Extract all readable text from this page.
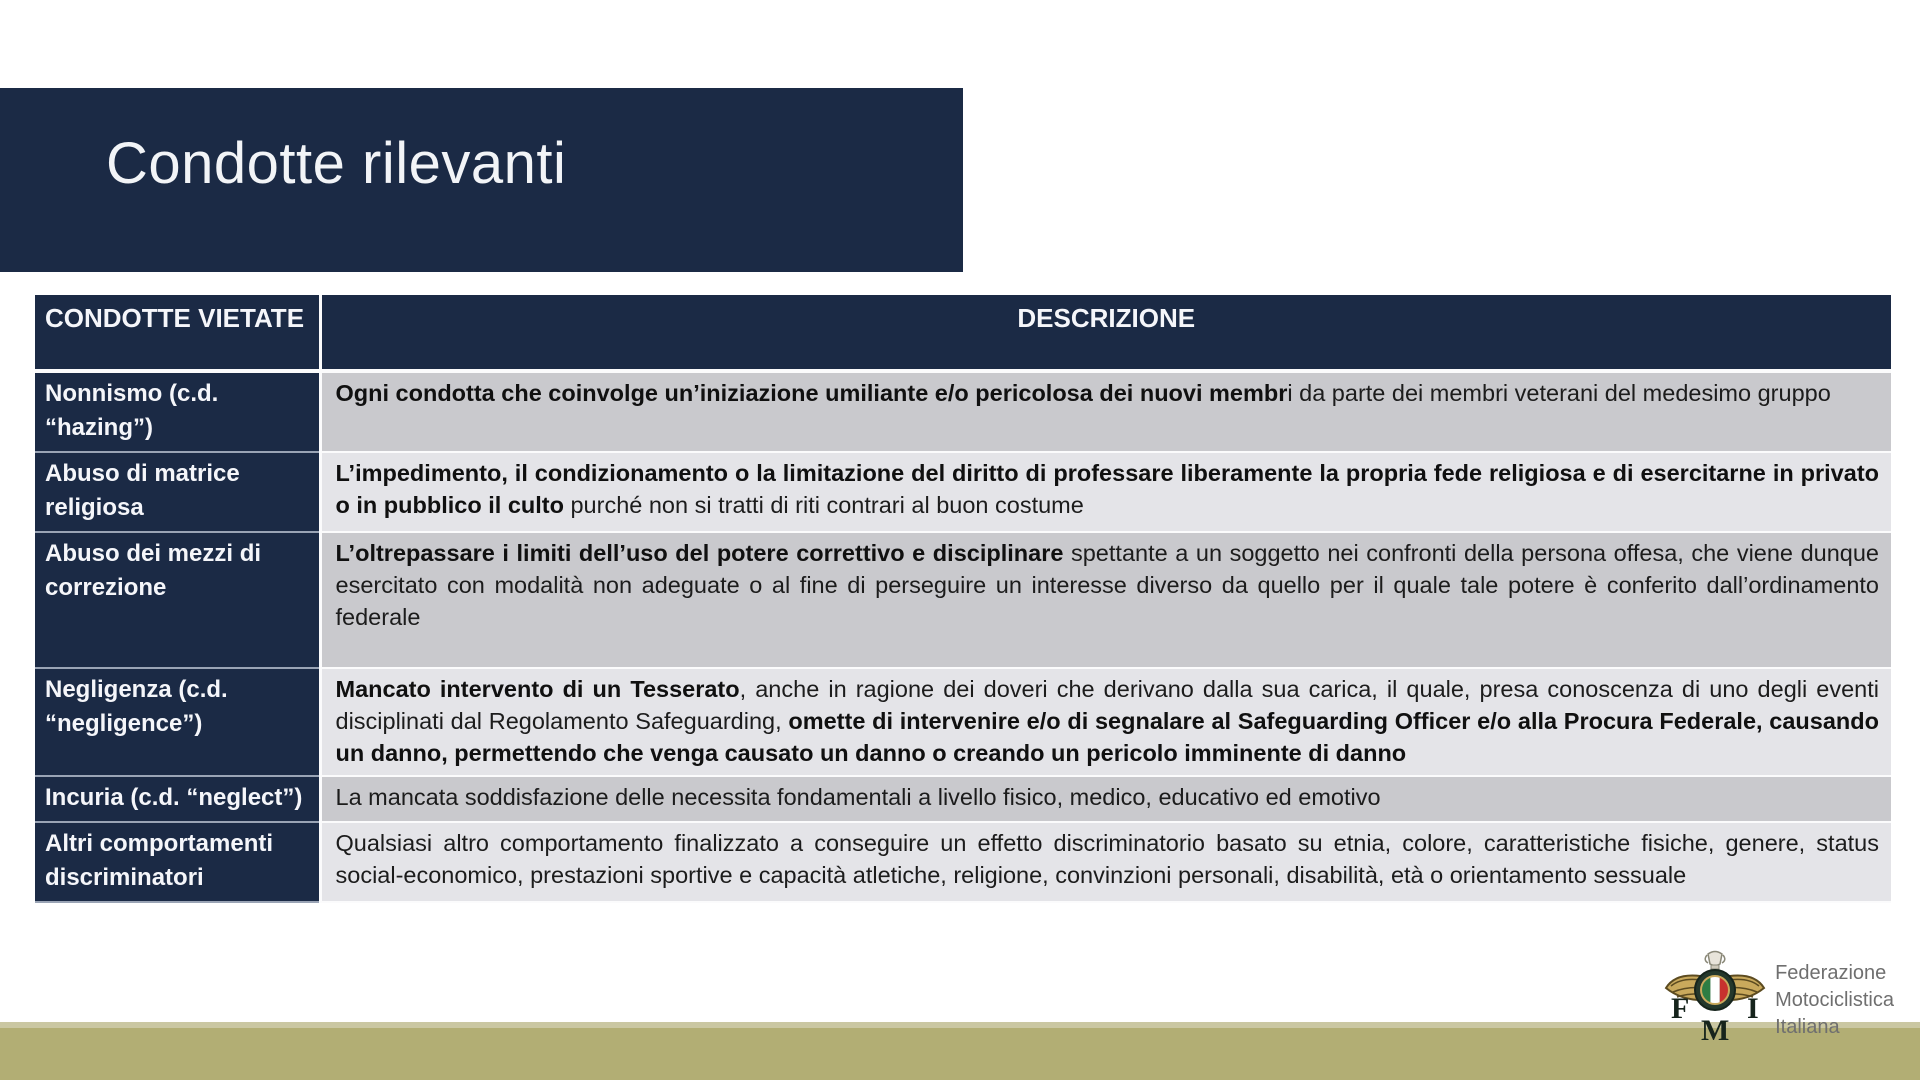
Condotte rilevanti
CONDOTTE VIETATE	DESCRIZIONE
Nonnismo (c.d. “hazing”)	Ogni condotta che coinvolge un’iniziazione umiliante e/o pericolosa dei nuovi membri da parte dei membri veterani del medesimo gruppo
Abuso di matrice religiosa	L’impedimento, il condizionamento o la limitazione del diritto di professare liberamente la propria fede religiosa e di esercitarne in privato o in pubblico il culto purché non si tratti di riti contrari al buon costume
Abuso dei mezzi di correzione	L’oltrepassare i limiti dell’uso del potere correttivo e disciplinare spettante a un soggetto nei confronti della persona offesa, che viene dunque esercitato con modalità non adeguate o al fine di perseguire un interesse diverso da quello per il quale tale potere è conferito dall’ordinamento federale
Negligenza (c.d. “negligence”)	Mancato intervento di un Tesserato, anche in ragione dei doveri che derivano dalla sua carica, il quale, presa conoscenza di uno degli eventi disciplinati dal Regolamento Safeguarding, omette di intervenire e/o di segnalare al Safeguarding Officer e/o alla Procura Federale, causando un danno, permettendo che venga causato un danno o creando un pericolo imminente di danno
Incuria (c.d. “neglect”)	La mancata soddisfazione delle necessita fondamentali a livello fisico, medico, educativo ed emotivo
Altri comportamenti discriminatori	Qualsiasi altro comportamento finalizzato a conseguire un effetto discriminatorio basato su etnia, colore, caratteristiche fisiche, genere, status social-economico, prestazioni sportive e capacità atletiche, religione, convinzioni personali, disabilità, età o orientamento sessuale
F
M
I
Federazione
Motociclistica
Italiana
